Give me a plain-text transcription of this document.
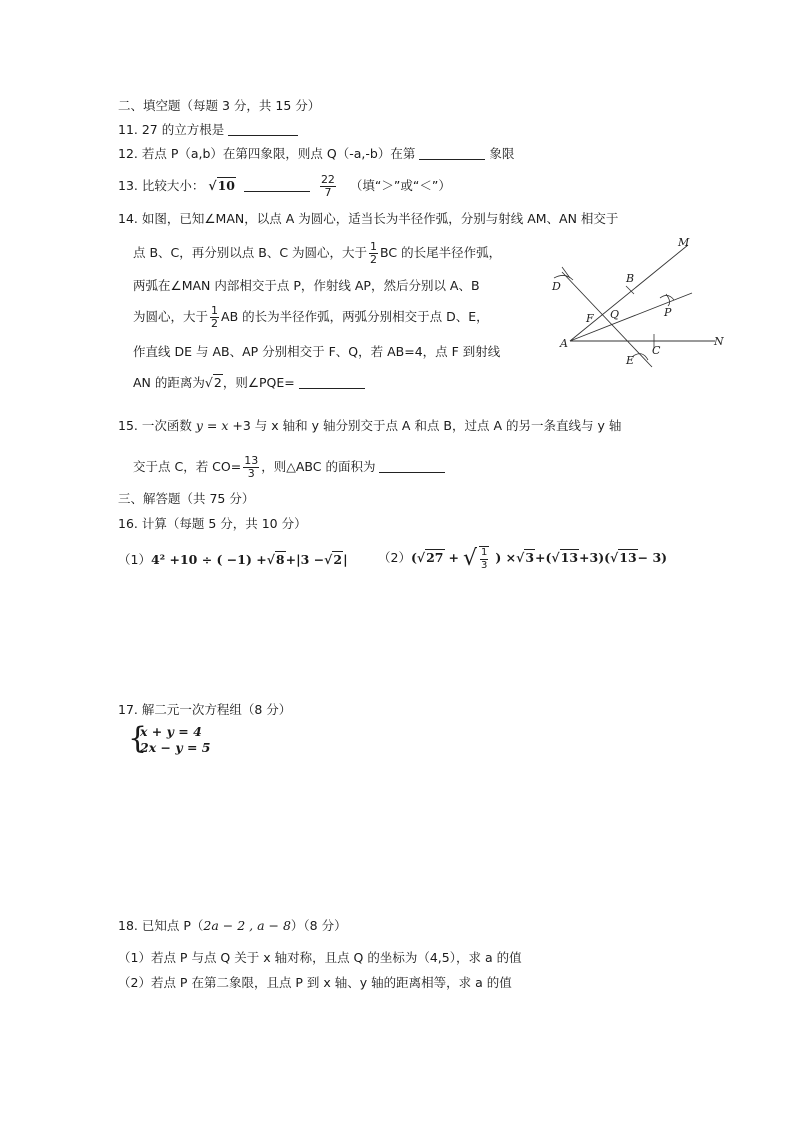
二、填空题（每题 3 分，共 15 分）
11. 27 的立方根是
12. 若点 P（a,b）在第四象限，则点 Q（-a,-b）在第	象限
13. 比较大小： √10	$\frac{22}{7}$ （填“＞”或“＜”）
14. 如图，已知∠MAN，以点 A 为圆心，适当长为半径作弧，分别与射线 AM、AN 相交于
点 B、C，再分别以点 B、C 为圆心，大于 $\frac{1}{2}$ BC 的长尾半径作弧，
两弧在∠MAN 内部相交于点 P，作射线 AP，然后分别以 A、B
为圆心，大于 $\frac{1}{2}$ AB 的长为半径作弧，两弧分别相交于点 D、E，
作直线 DE 与 AB、AP 分别相交于 F、Q，若 AB=4，点 F 到射线
AN 的距离为√2，则∠PQE=
M
B
D
P
F Q
A
C
N
E
15. 一次函数 y = x +3 与 x 轴和 y 轴分别交于点 A 和点 B，过点 A 的另一条直线与 y 轴
交于点 C，若 $CO= \frac{13}{3}$ ，则△ABC 的面积为
三、解答题（共 75 分）
16. 计算（每题 5 分，共 10 分）
（1）4² +10 ÷ ( −1) +√8+|3 −√2| （2）(√27 + √ $\frac{1}{3}$ ) ×√3+(√13+3)(√13− 3)
17. 解二元一次方程组（8 分）
{
x + y = 4
2x − y = 5
18. 已知点 P（2a − 2 , a − 8）（8 分）
（1）若点 P 与点 Q 关于 x 轴对称，且点 Q 的坐标为（4,5），求 a 的值
（2）若点 P 在第二象限，且点 P 到 x 轴、y 轴的距离相等，求 a 的值
